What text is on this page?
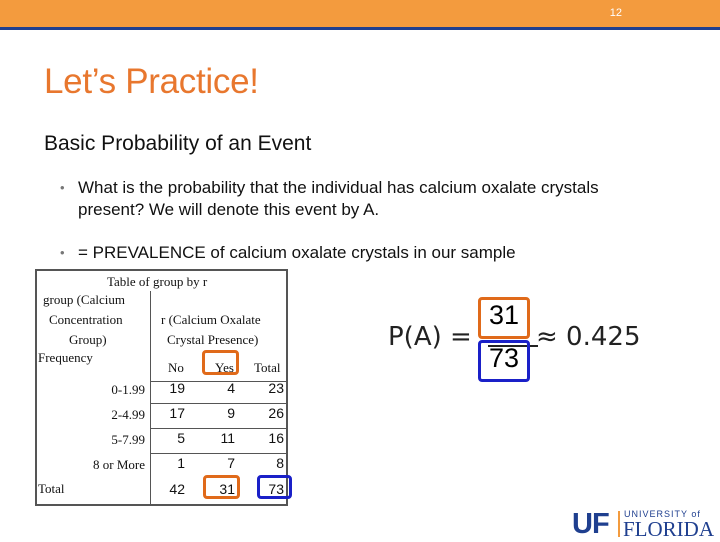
12
Let’s Practice!
Basic Probability of an Event
• What is the probability that the individual has calcium oxalate crystals present? We will denote this event by A.
• = PREVALENCE of calcium oxalate crystals in our sample
Table of group by r
group (Calcium
Concentration
Group)
Frequency
r (Calcium Oxalate
Crystal Presence)
No Yes Total
0-1.99 19	4 23
2-4.99 17	9 26
5-7.99 5	11 16
8 or More 1	7	8
Total	42 31 73
P(A) = ≈ 0.425
31
73
UF UNIVERSITY of
FLORIDA
